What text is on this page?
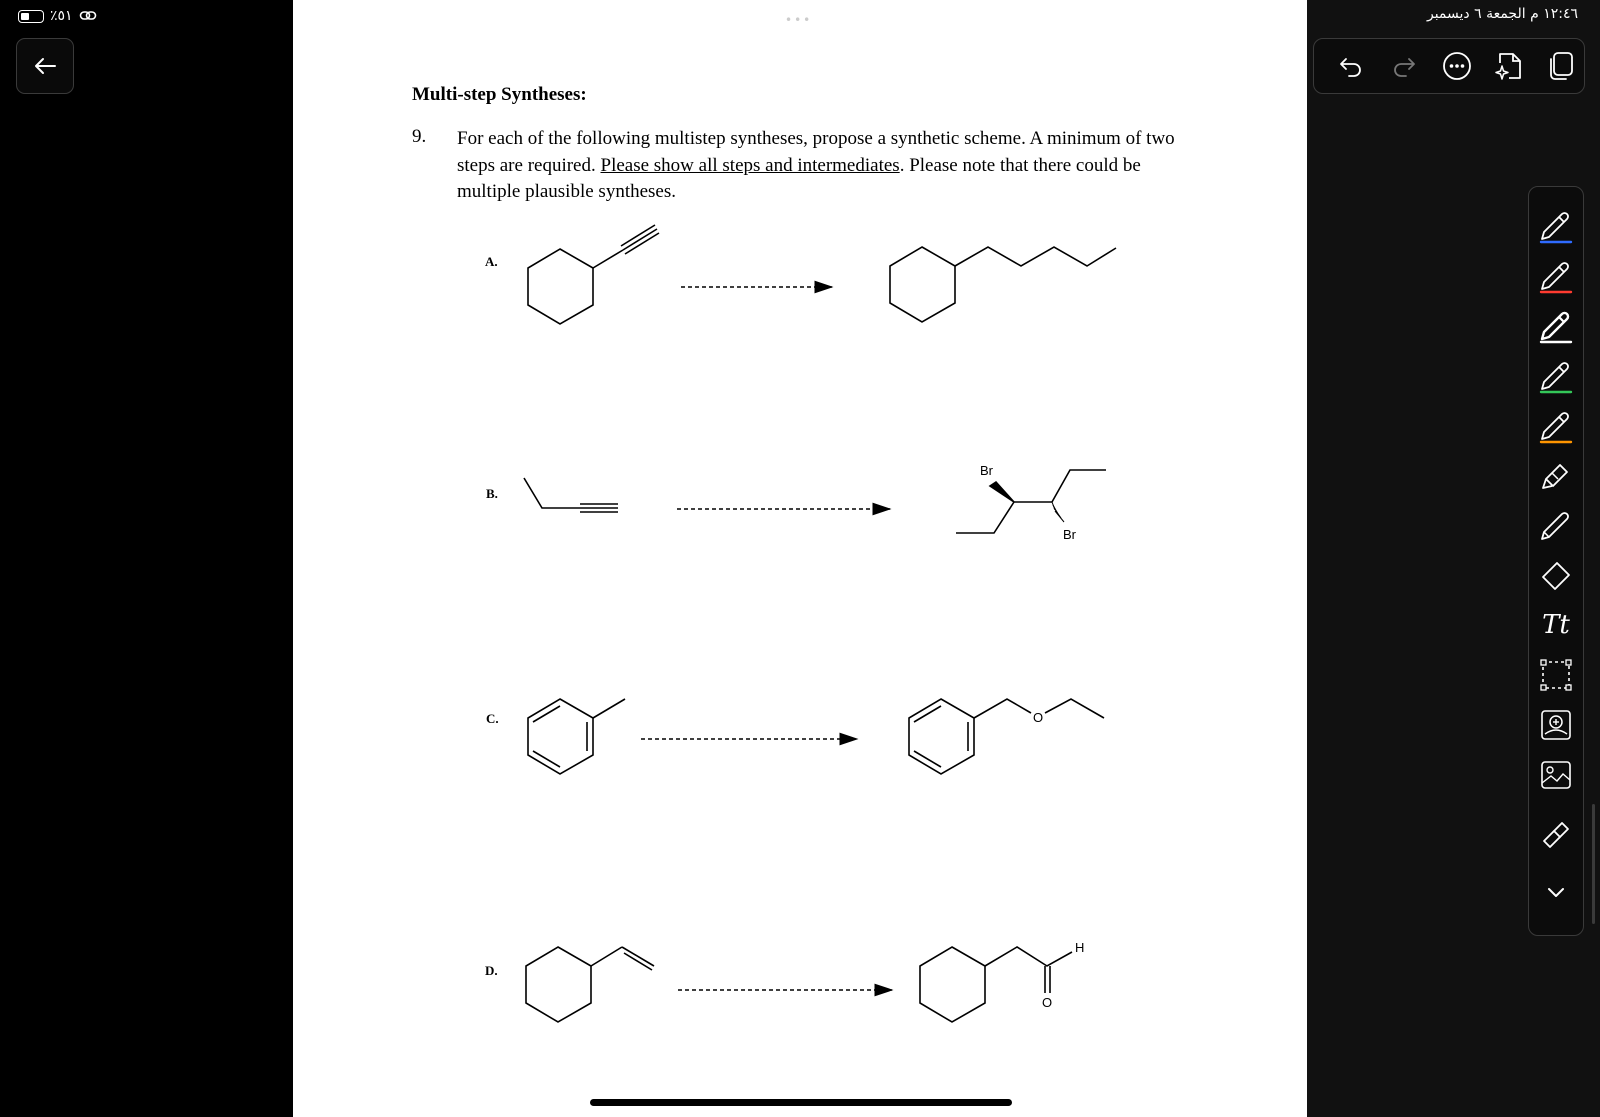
٪٥١	١٢:٤٦ م الجمعة ٦ ديسمبر
•••
Multi-step Syntheses:
9. For each of the following multistep syntheses, propose a synthetic scheme. A minimum of two steps are required. Please show all steps and intermediates. Please note that there could be multiple plausible syntheses.
A.
B.
C.
D.
Br
Br
O
H
O
Tt
